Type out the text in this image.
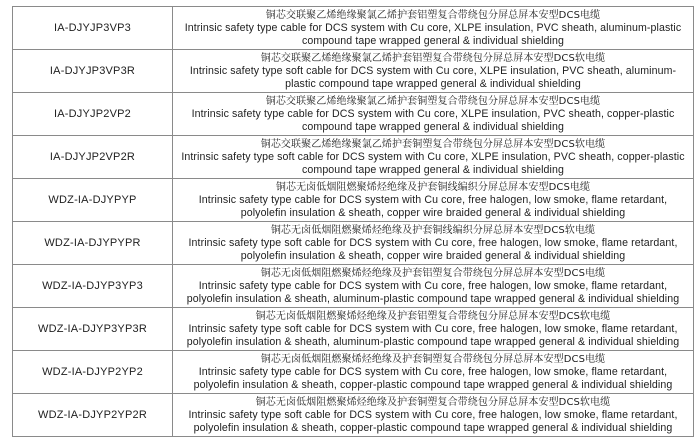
IA-DJYJP3VP3	铜芯交联聚乙烯绝缘聚氯乙烯护套铝塑复合带绕包分屏总屏本安型DCS电缆
Intrinsic safety type cable for DCS system with Cu core, XLPE insulation, PVC sheath, aluminum-plastic
compound tape wrapped general & individual shielding

IA-DJYJP3VP3R	铜芯交联聚乙烯绝缘聚氯乙烯护套铝塑复合带绕包分屏总屏本安型DCS软电缆
Intrinsic safety type soft cable for DCS system with Cu core, XLPE insulation, PVC sheath, aluminum-
plastic compound tape wrapped general & individual shielding

IA-DJYJP2VP2	铜芯交联聚乙烯绝缘聚氯乙烯护套铜塑复合带绕包分屏总屏本安型DCS电缆
Intrinsic safety type cable for DCS system with Cu core, XLPE insulation, PVC sheath, copper-plastic
compound tape wrapped general & individual shielding

IA-DJYJP2VP2R	铜芯交联聚乙烯绝缘聚氯乙烯护套铜塑复合带绕包分屏总屏本安型DCS软电缆
Intrinsic safety type soft cable for DCS system with Cu core, XLPE insulation, PVC sheath, copper-plastic
compound tape wrapped general & individual shielding

WDZ-IA-DJYPYP	铜芯无卤低烟阻燃聚烯烃绝缘及护套铜线编织分屏总屏本安型DCS电缆
Intrinsic safety type cable for DCS system with Cu core, free halogen, low smoke, flame retardant,
polyolefin insulation & sheath, copper wire braided general & individual shielding

WDZ-IA-DJYPYPR	铜芯无卤低烟阻燃聚烯烃绝缘及护套铜线编织分屏总屏本安型DCS软电缆
Intrinsic safety type soft cable for DCS system with Cu core, free halogen, low smoke, flame retardant,
polyolefin insulation & sheath, copper wire braided general & individual shielding

WDZ-IA-DJYP3YP3	铜芯无卤低烟阻燃聚烯烃绝缘及护套铝塑复合带绕包分屏总屏本安型DCS电缆
Intrinsic safety type cable for DCS system with Cu core, free halogen, low smoke, flame retardant,
polyolefin insulation & sheath, aluminum-plastic compound tape wrapped general & individual shielding

WDZ-IA-DJYP3YP3R	铜芯无卤低烟阻燃聚烯烃绝缘及护套铝塑复合带绕包分屏总屏本安型DCS软电缆
Intrinsic safety type soft cable for DCS system with Cu core, free halogen, low smoke, flame retardant,
polyolefin insulation & sheath, aluminum-plastic compound tape wrapped general & individual shielding

WDZ-IA-DJYP2YP2	铜芯无卤低烟阻燃聚烯烃绝缘及护套铜塑复合带绕包分屏总屏本安型DCS电缆
Intrinsic safety type cable for DCS system with Cu core, free halogen, low smoke, flame retardant,
polyolefin insulation & sheath, copper-plastic compound tape wrapped general & individual shielding

WDZ-IA-DJYP2YP2R	铜芯无卤低烟阻燃聚烯烃绝缘及护套铜塑复合带绕包分屏总屏本安型DCS软电缆
Intrinsic safety type soft cable for DCS system with Cu core, free halogen, low smoke, flame retardant,
polyolefin insulation & sheath, copper-plastic compound tape wrapped general & individual shielding
